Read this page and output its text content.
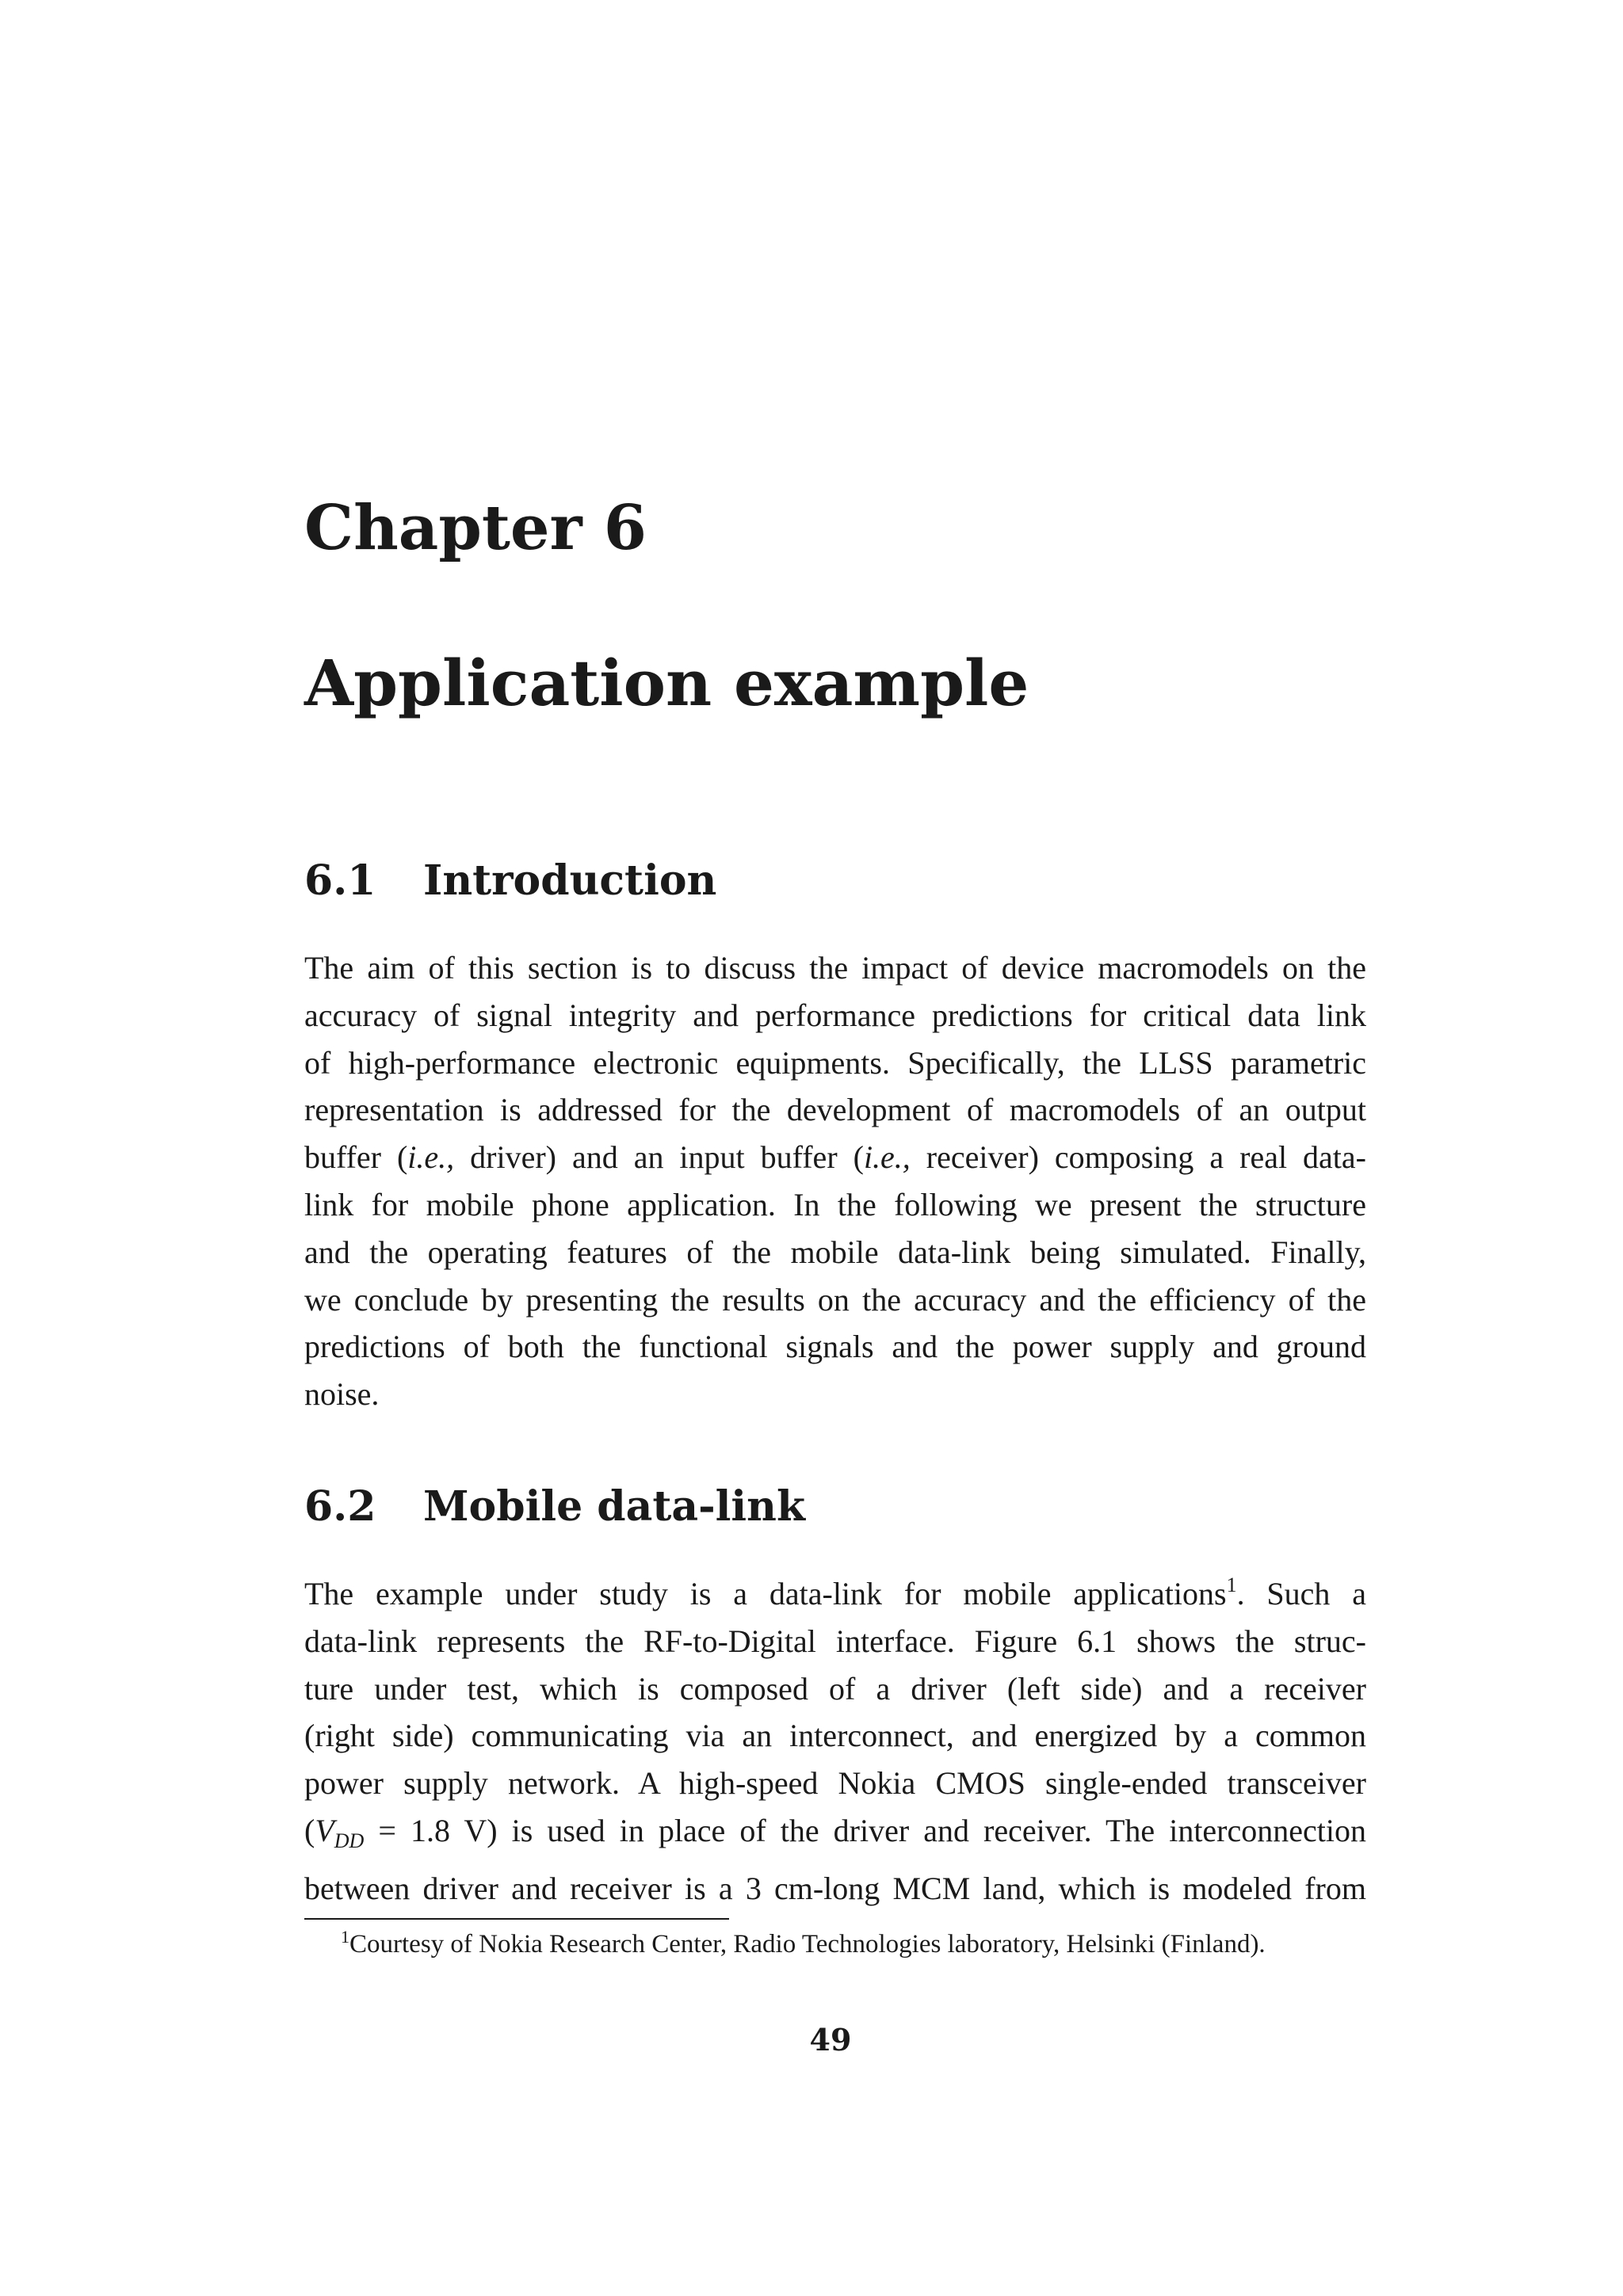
Chapter 6
Application example
6.1 Introduction

The aim of this section is to discuss the impact of device macromodels on the
accuracy of signal integrity and performance predictions for critical data link
of high-performance electronic equipments. Specifically, the LLSS parametric
representation is addressed for the development of macromodels of an output
buffer (i.e., driver) and an input buffer (i.e., receiver) composing a real data-
link for mobile phone application. In the following we present the structure
and the operating features of the mobile data-link being simulated. Finally,
we conclude by presenting the results on the accuracy and the efficiency of the
predictions of both the functional signals and the power supply and ground
noise.

6.2 Mobile data-link

The example under study is a data-link for mobile applications$^1$. Such a
data-link represents the RF-to-Digital interface. Figure 6.1 shows the struc-
ture under test, which is composed of a driver (left side) and a receiver
(right side) communicating via an interconnect, and energized by a common
power supply network. A high-speed Nokia CMOS single-ended transceiver
($V_{DD} = 1.8$ V) is used in place of the driver and receiver. The interconnection
between driver and receiver is a 3 cm-long MCM land, which is modeled from

$^1$Courtesy of Nokia Research Center, Radio Technologies laboratory, Helsinki (Finland).

49
